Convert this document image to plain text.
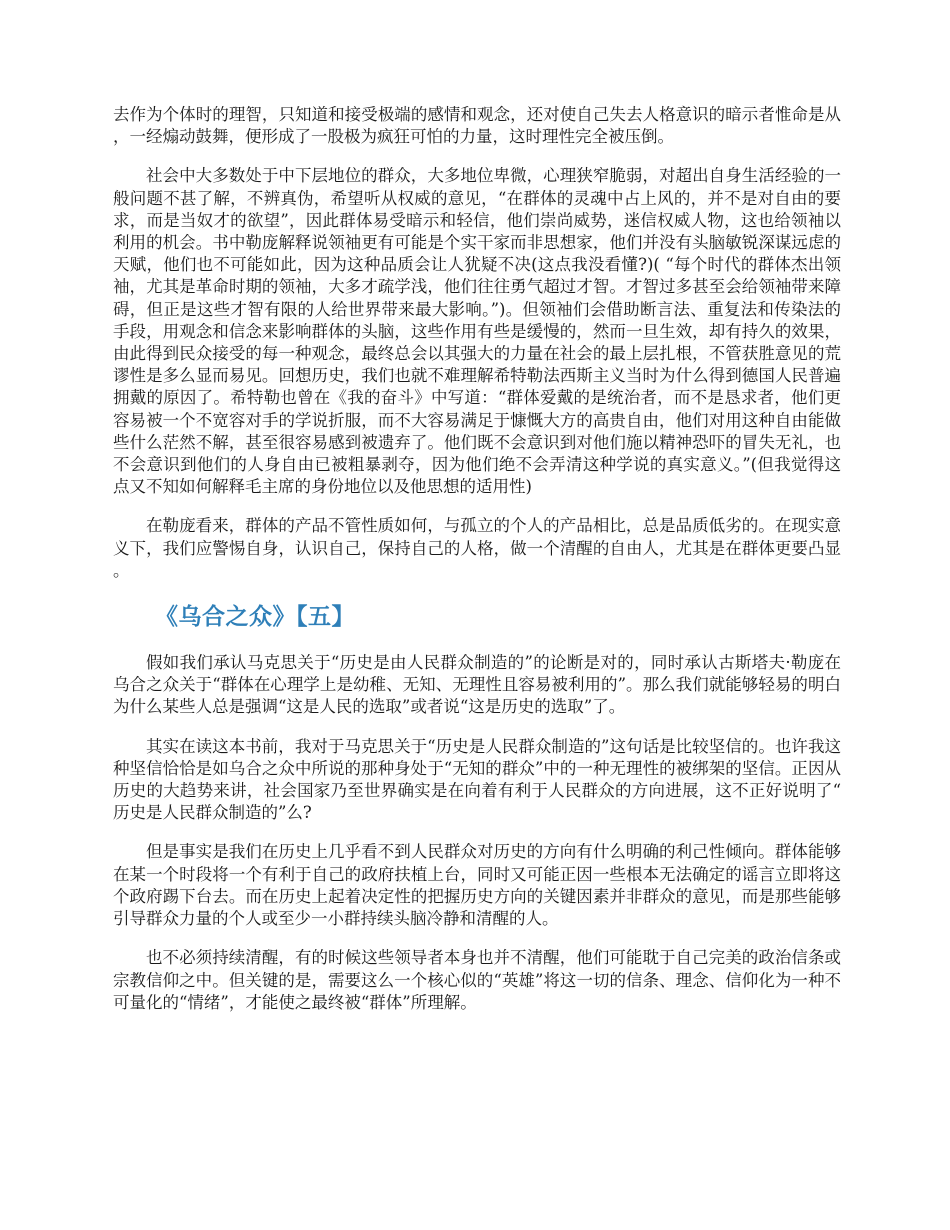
去作为个体时的理智，只知道和接受极端的感情和观念，还对使自己失去人格意识的暗示者惟命是从，一经煽动鼓舞，便形成了一股极为疯狂可怕的力量，这时理性完全被压倒。

社会中大多数处于中下层地位的群众，大多地位卑微，心理狭窄脆弱，对超出自身生活经验的一般问题不甚了解，不辨真伪，希望听从权威的意见，“在群体的灵魂中占上风的，并不是对自由的要求，而是当奴才的欲望”，因此群体易受暗示和轻信，他们崇尚威势，迷信权威人物，这也给领袖以利用的机会。书中勒庞解释说领袖更有可能是个实干家而非思想家，他们并没有头脑敏锐深谋远虑的天赋，他们也不可能如此，因为这种品质会让人犹疑不决(这点我没看懂?)( “每个时代的群体杰出领袖，尤其是革命时期的领袖，大多才疏学浅，他们往往勇气超过才智。才智过多甚至会给领袖带来障碍，但正是这些才智有限的人给世界带来最大影响。”)。但领袖们会借助断言法、重复法和传染法的手段，用观念和信念来影响群体的头脑，这些作用有些是缓慢的，然而一旦生效，却有持久的效果，由此得到民众接受的每一种观念，最终总会以其强大的力量在社会的最上层扎根，不管获胜意见的荒谬性是多么显而易见。回想历史，我们也就不难理解希特勒法西斯主义当时为什么得到德国人民普遍拥戴的原因了。希特勒也曾在《我的奋斗》中写道：“群体爱戴的是统治者，而不是恳求者，他们更容易被一个不宽容对手的学说折服，而不大容易满足于慷慨大方的高贵自由，他们对用这种自由能做些什么茫然不解，甚至很容易感到被遗弃了。他们既不会意识到对他们施以精神恐吓的冒失无礼，也不会意识到他们的人身自由已被粗暴剥夺，因为他们绝不会弄清这种学说的真实意义。”(但我觉得这点又不知如何解释毛主席的身份地位以及他思想的适用性)

在勒庞看来，群体的产品不管性质如何，与孤立的个人的产品相比，总是品质低劣的。在现实意义下，我们应警惕自身，认识自己，保持自己的人格，做一个清醒的自由人，尤其是在群体更要凸显。

《乌合之众》【五】

假如我们承认马克思关于“历史是由人民群众制造的”的论断是对的，同时承认古斯塔夫·勒庞在乌合之众关于“群体在心理学上是幼稚、无知、无理性且容易被利用的”。那么我们就能够轻易的明白为什么某些人总是强调“这是人民的选取”或者说“这是历史的选取”了。

其实在读这本书前，我对于马克思关于“历史是人民群众制造的”这句话是比较坚信的。也许我这种坚信恰恰是如乌合之众中所说的那种身处于“无知的群众”中的一种无理性的被绑架的坚信。正因从历史的大趋势来讲，社会国家乃至世界确实是在向着有利于人民群众的方向进展，这不正好说明了“历史是人民群众制造的”么?

但是事实是我们在历史上几乎看不到人民群众对历史的方向有什么明确的利己性倾向。群体能够在某一个时段将一个有利于自己的政府扶植上台，同时又可能正因一些根本无法确定的谣言立即将这个政府踢下台去。而在历史上起着决定性的把握历史方向的关键因素并非群众的意见，而是那些能够引导群众力量的个人或至少一小群持续头脑冷静和清醒的人。

也不必须持续清醒，有的时候这些领导者本身也并不清醒，他们可能耽于自己完美的政治信条或宗教信仰之中。但关键的是，需要这么一个核心似的“英雄”将这一切的信条、理念、信仰化为一种不可量化的“情绪”，才能使之最终被“群体”所理解。
